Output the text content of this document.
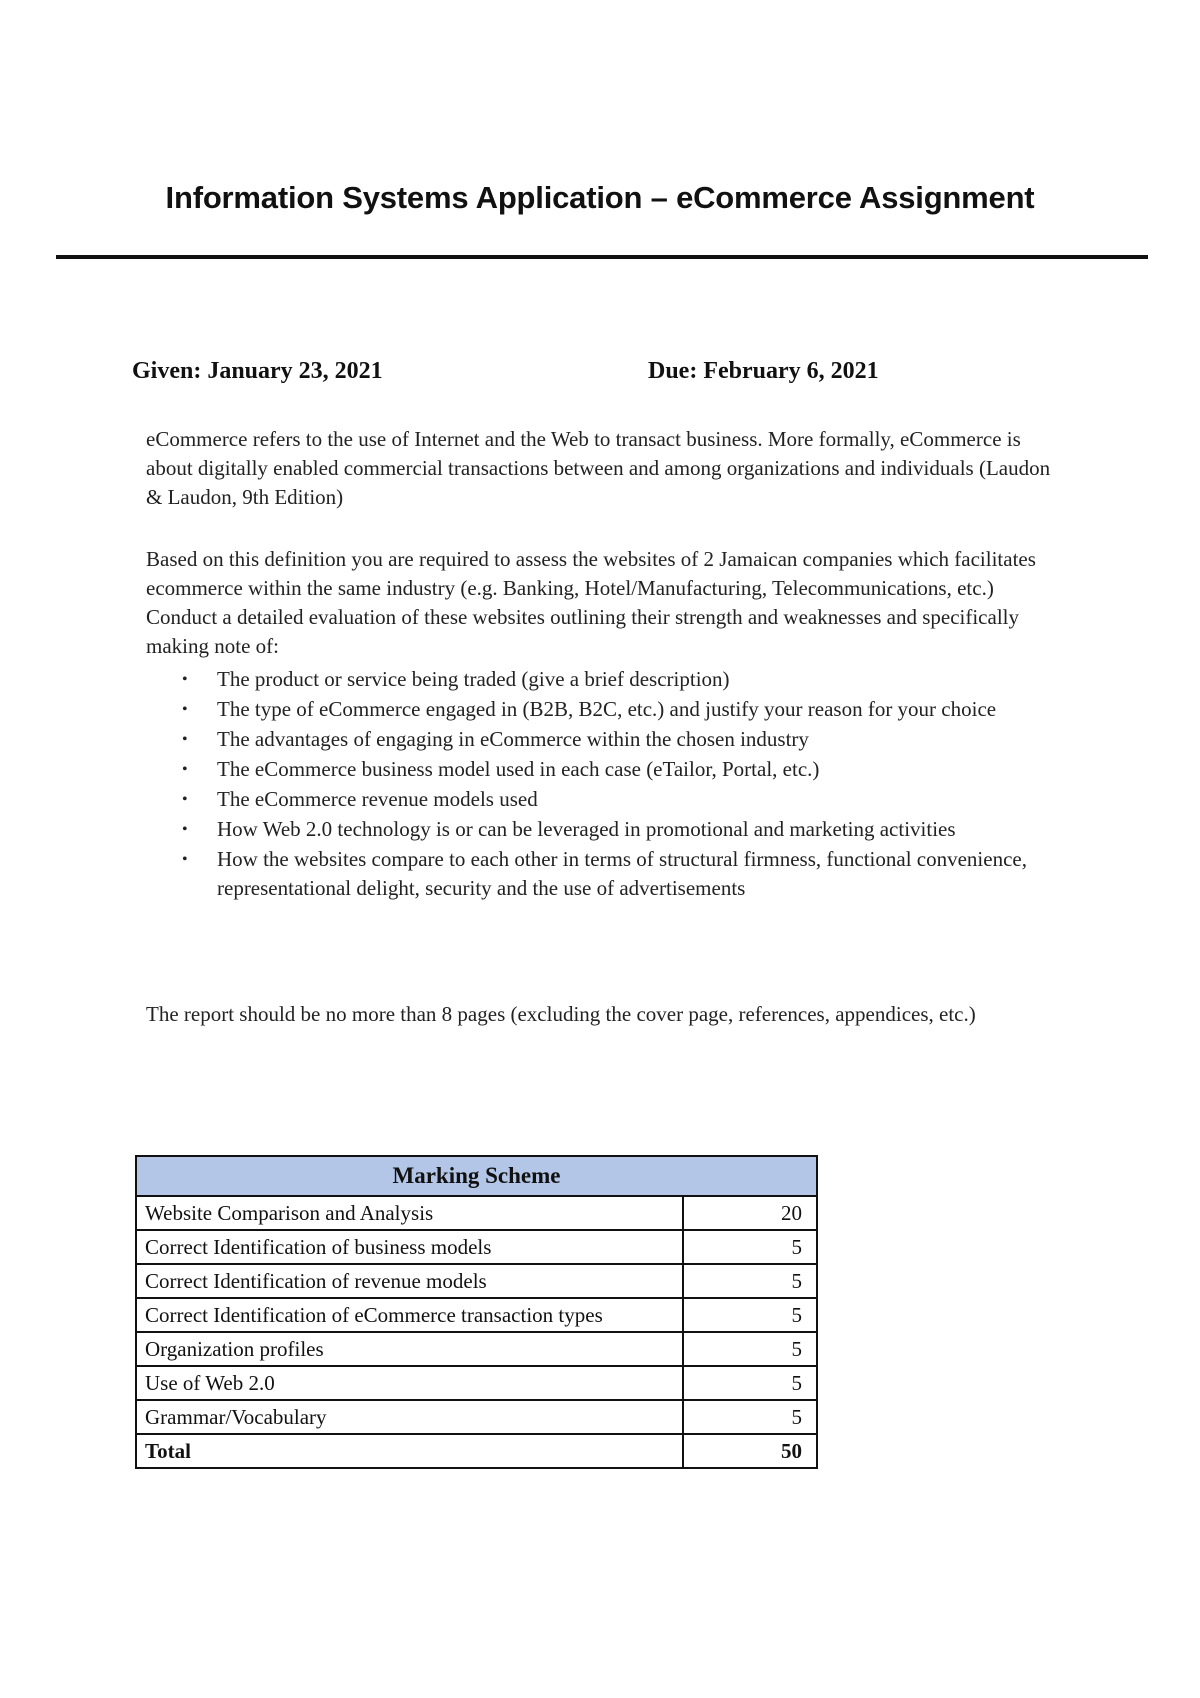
Information Systems Application – eCommerce Assignment
Given: January 23, 2021	Due: February 6, 2021
eCommerce refers to the use of Internet and the Web to transact business. More formally, eCommerce is about digitally enabled commercial transactions between and among organizations and individuals (Laudon & Laudon, 9th Edition)
Based on this definition you are required to assess the websites of 2 Jamaican companies which facilitates ecommerce within the same industry (e.g. Banking, Hotel/Manufacturing, Telecommunications, etc.) Conduct a detailed evaluation of these websites outlining their strength and weaknesses and specifically making note of:
• The product or service being traded (give a brief description)
• The type of eCommerce engaged in (B2B, B2C, etc.) and justify your reason for your choice
• The advantages of engaging in eCommerce within the chosen industry
• The eCommerce business model used in each case (eTailor, Portal, etc.)
• The eCommerce revenue models used
• How Web 2.0 technology is or can be leveraged in promotional and marketing activities
• How the websites compare to each other in terms of structural firmness, functional convenience, representational delight, security and the use of advertisements
The report should be no more than 8 pages (excluding the cover page, references, appendices, etc.)
Marking Scheme	
Website Comparison and Analysis	20
Correct Identification of business models	5
Correct Identification of revenue models	5
Correct Identification of eCommerce transaction types	5
Organization profiles	5
Use of Web 2.0	5
Grammar/Vocabulary	5
Total	50
